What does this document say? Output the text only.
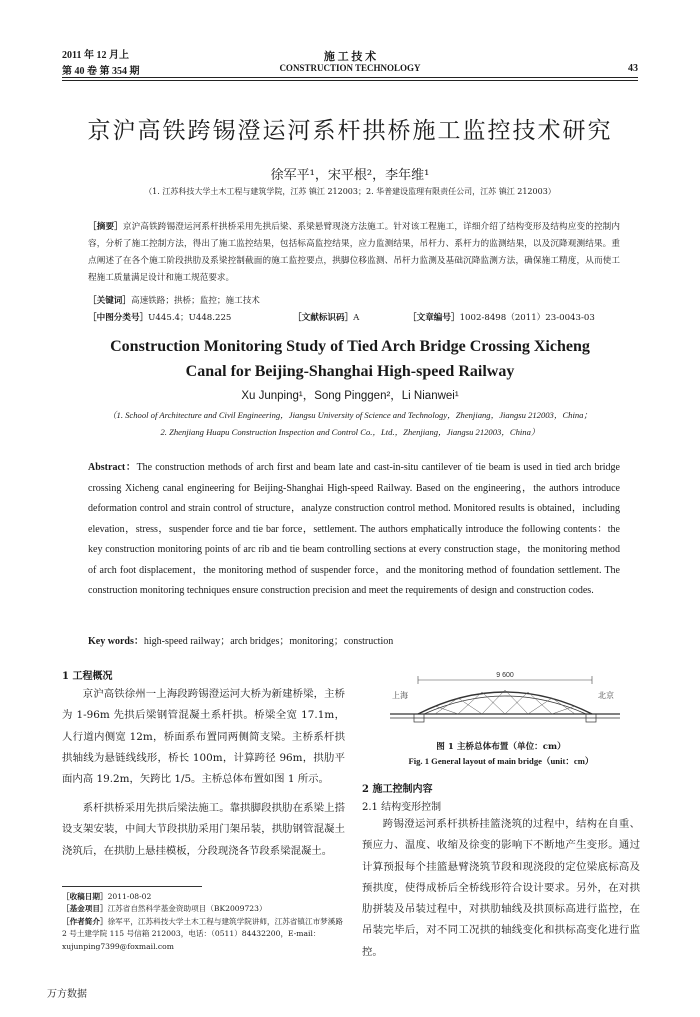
2011 年 12 月上
第 40 卷 第 354 期
施 工 技 术
CONSTRUCTION TECHNOLOGY	43
京沪高铁跨锡澄运河系杆拱桥施工监控技术研究
徐军平¹，宋平根²，李年维¹
（1. 江苏科技大学土木工程与建筑学院，江苏 镇江 212003；2. 华普建设监理有限责任公司，江苏 镇江 212003）
［摘要］京沪高铁跨锡澄运河系杆拱桥采用先拱后梁、系梁悬臂现浇方法施工。针对该工程施工，详细介绍了结构变形及结构应变的控制内容，分析了施工控制方法，得出了施工监控结果，包括标高监控结果，应力监测结果，吊杆力、系杆力的监测结果，以及沉降观测结果。重点阐述了在各个施工阶段拱肋及系梁控制截面的施工监控要点，拱脚位移监测、吊杆力监测及基础沉降监测方法，确保施工精度，从而使工程施工质量满足设计和施工规范要求。
［关键词］高速铁路；拱桥；监控；施工技术
［中图分类号］U445.4；U448.225	［文献标识码］A	［文章编号］1002-8498（2011）23-0043-03
Construction Monitoring Study of Tied Arch Bridge Crossing Xicheng
Canal for Beijing-Shanghai High-speed Railway
Xu Junping¹，Song Pinggen²，Li Nianwei¹
（1. School of Architecture and Civil Engineering，Jiangsu University of Science and Technology，Zhenjiang，Jiangsu 212003，China；
2. Zhenjiang Huapu Construction Inspection and Control Co.，Ltd.，Zhenjiang，Jiangsu 212003，China）
Abstract：The construction methods of arch first and beam late and cast-in-situ cantilever of tie beam is used in tied arch bridge crossing Xicheng canal engineering for Beijing-Shanghai High-speed Railway. Based on the engineering，the authors introduce deformation control and strain control of structure，analyze construction control method. Monitored results is obtained，including elevation，stress，suspender force and tie bar force，settlement. The authors emphatically introduce the following contents：the key construction monitoring points of arc rib and tie beam controlling sections at every construction stage，the monitoring method of arch foot displacement，the monitoring method of suspender force，and the monitoring method of foundation settlement. The construction monitoring techniques ensure construction precision and meet the requirements of design and construction codes.
Key words：high-speed railway；arch bridges；monitoring；construction
1 工程概况
京沪高铁徐州一上海段跨锡澄运河大桥为新建桥梁，主桥为 1-96m 先拱后梁钢管混凝土系杆拱。桥梁全宽 17.1m，人行道内侧宽 12m，桥面系布置同两侧简支梁。主桥系杆拱拱轴线为悬链线线形，桥长 100m，计算跨径 96m，拱肋平面内高 19.2m，矢跨比 1/5。主桥总体布置如图 1 所示。
系杆拱桥采用先拱后梁法施工。靠拱脚段拱肋在系梁上搭设支架安装，中间大节段拱肋采用门架吊装，拱肋钢管混凝土浇筑后，在拱肋上悬挂模板，分段现浇各节段系梁混凝土。
［收稿日期］2011-08-02
［基金项目］江苏省自然科学基金资助项目（BK2009723）
［作者简介］徐军平，江苏科技大学土木工程与建筑学院讲师，江苏省镇江市梦溪路 2 号土建学院 115 号信箱 212003，电话：（0511）84432200，E-mail：xujunping7399@foxmail.com
9 600
上海	北京
图 1 主桥总体布置（单位：cm）
Fig. 1 General layout of main bridge（unit：cm）
2 施工控制内容
2.1 结构变形控制
跨锡澄运河系杆拱桥挂篮浇筑的过程中，结构在自重、预应力、温度、收缩及徐变的影响下不断地产生变形。通过计算预报每个挂篮悬臂浇筑节段和现浇段的定位梁底标高及预拱度，使得成桥后全桥线形符合设计要求。另外，在对拱肋拼装及吊装过程中，对拱肋轴线及拱顶标高进行监控，在吊装完毕后，对不同工况拱的轴线变化和拱标高变化进行监控。
万方数据
